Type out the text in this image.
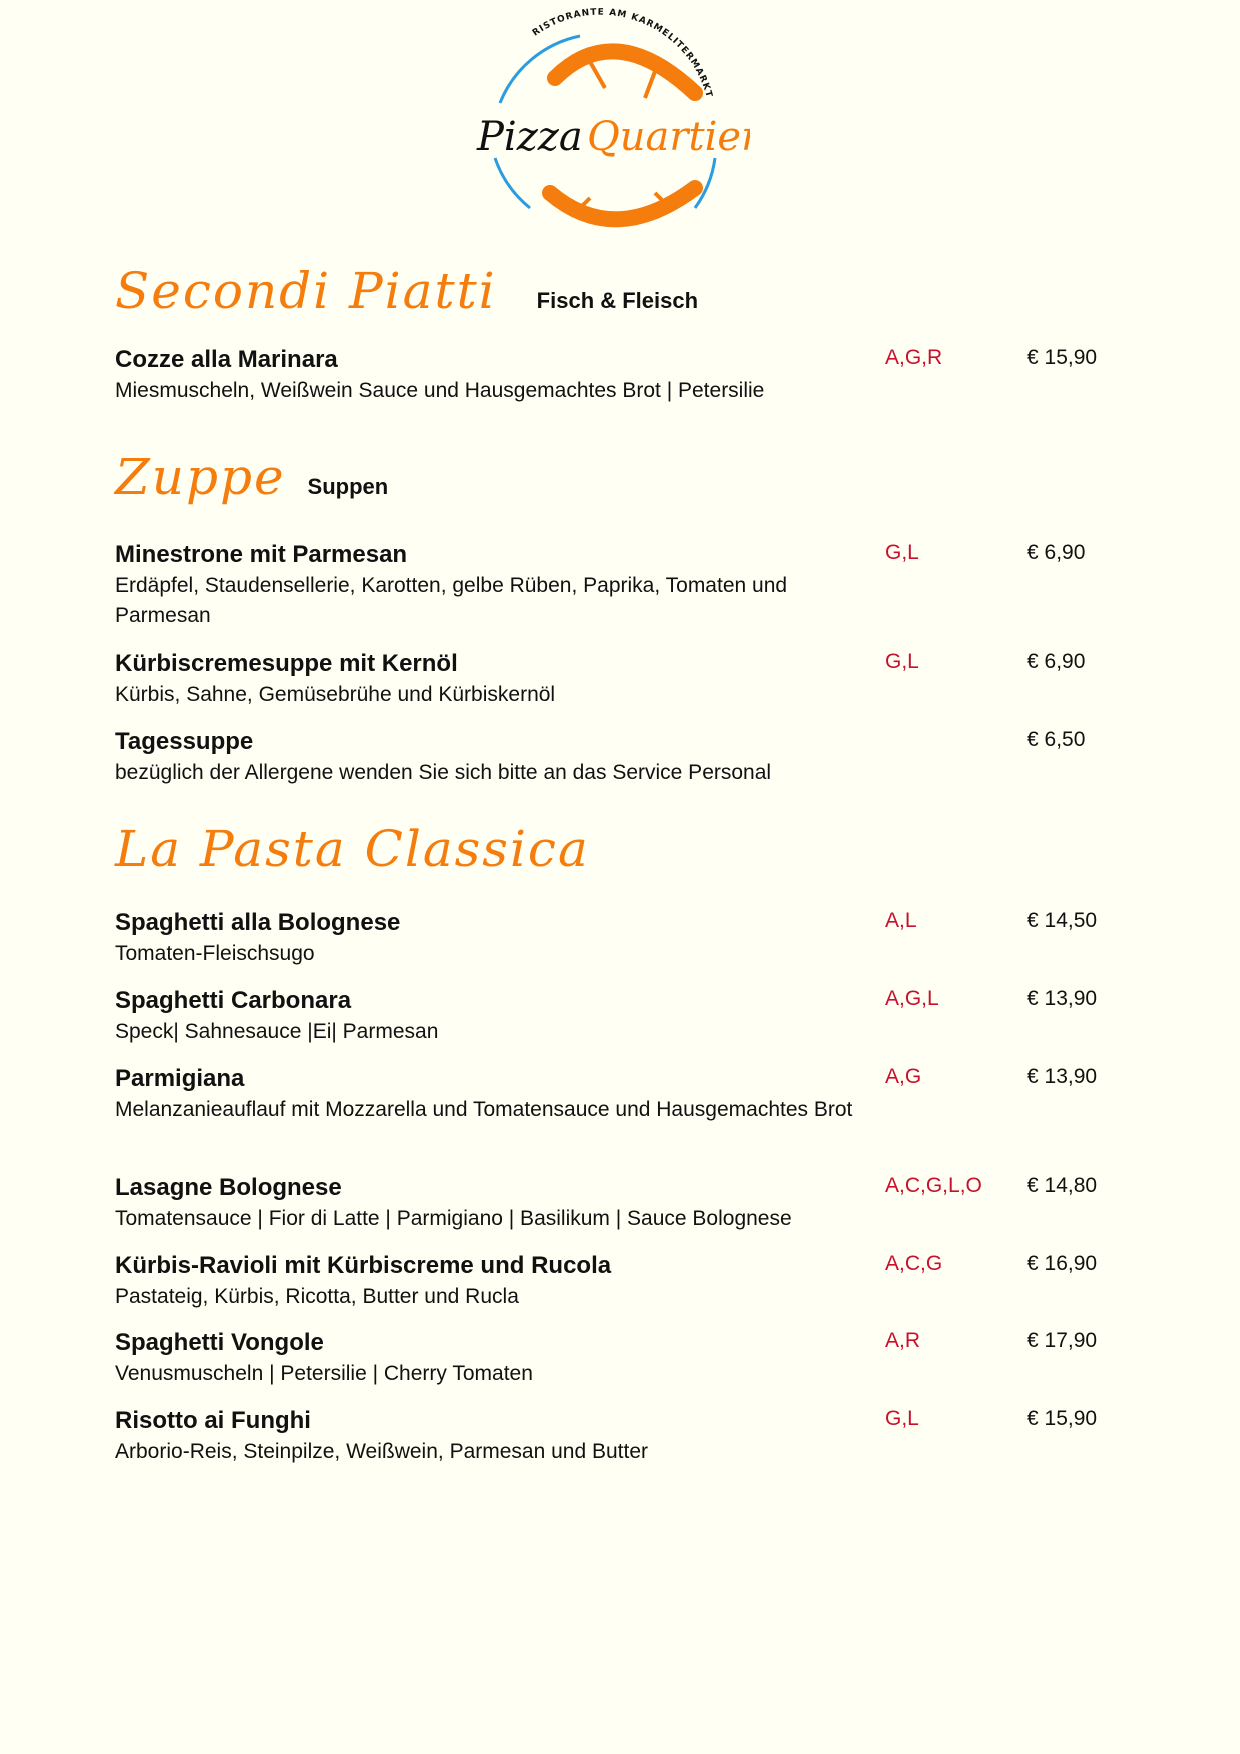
RISTORANTE AM KARMELITERMARKT
Pizza Quartier
Secondi Piatti Fisch & Fleisch
Cozze alla Marinara
Miesmuscheln, Weißwein Sauce und Hausgemachtes Brot | Petersilie
A,G,R	€ 15,90
Zuppe Suppen
Minestrone mit Parmesan
Erdäpfel, Staudensellerie, Karotten, gelbe Rüben, Paprika, Tomaten und Parmesan
G,L	€ 6,90
Kürbiscremesuppe mit Kernöl
Kürbis, Sahne, Gemüsebrühe und Kürbiskernöl
G,L	€ 6,90
Tagessuppe
bezüglich der Allergene wenden Sie sich bitte an das Service Personal
€ 6,50
La Pasta Classica
Spaghetti alla Bolognese
Tomaten-Fleischsugo
A,L	€ 14,50
Spaghetti Carbonara
Speck| Sahnesauce |Ei| Parmesan
A,G,L	€ 13,90
Parmigiana
Melanzanieauflauf mit Mozzarella und Tomatensauce und Hausgemachtes Brot
A,G	€ 13,90
Lasagne Bolognese
Tomatensauce | Fior di Latte | Parmigiano | Basilikum | Sauce Bolognese
A,C,G,L,O € 14,80
Kürbis-Ravioli mit Kürbiscreme und Rucola
Pastateig, Kürbis, Ricotta, Butter und Rucla
A,C,G	€ 16,90
Spaghetti Vongole
Venusmuscheln | Petersilie | Cherry Tomaten
A,R	€ 17,90
Risotto ai Funghi
Arborio-Reis, Steinpilze, Weißwein, Parmesan und Butter
G,L	€ 15,90
